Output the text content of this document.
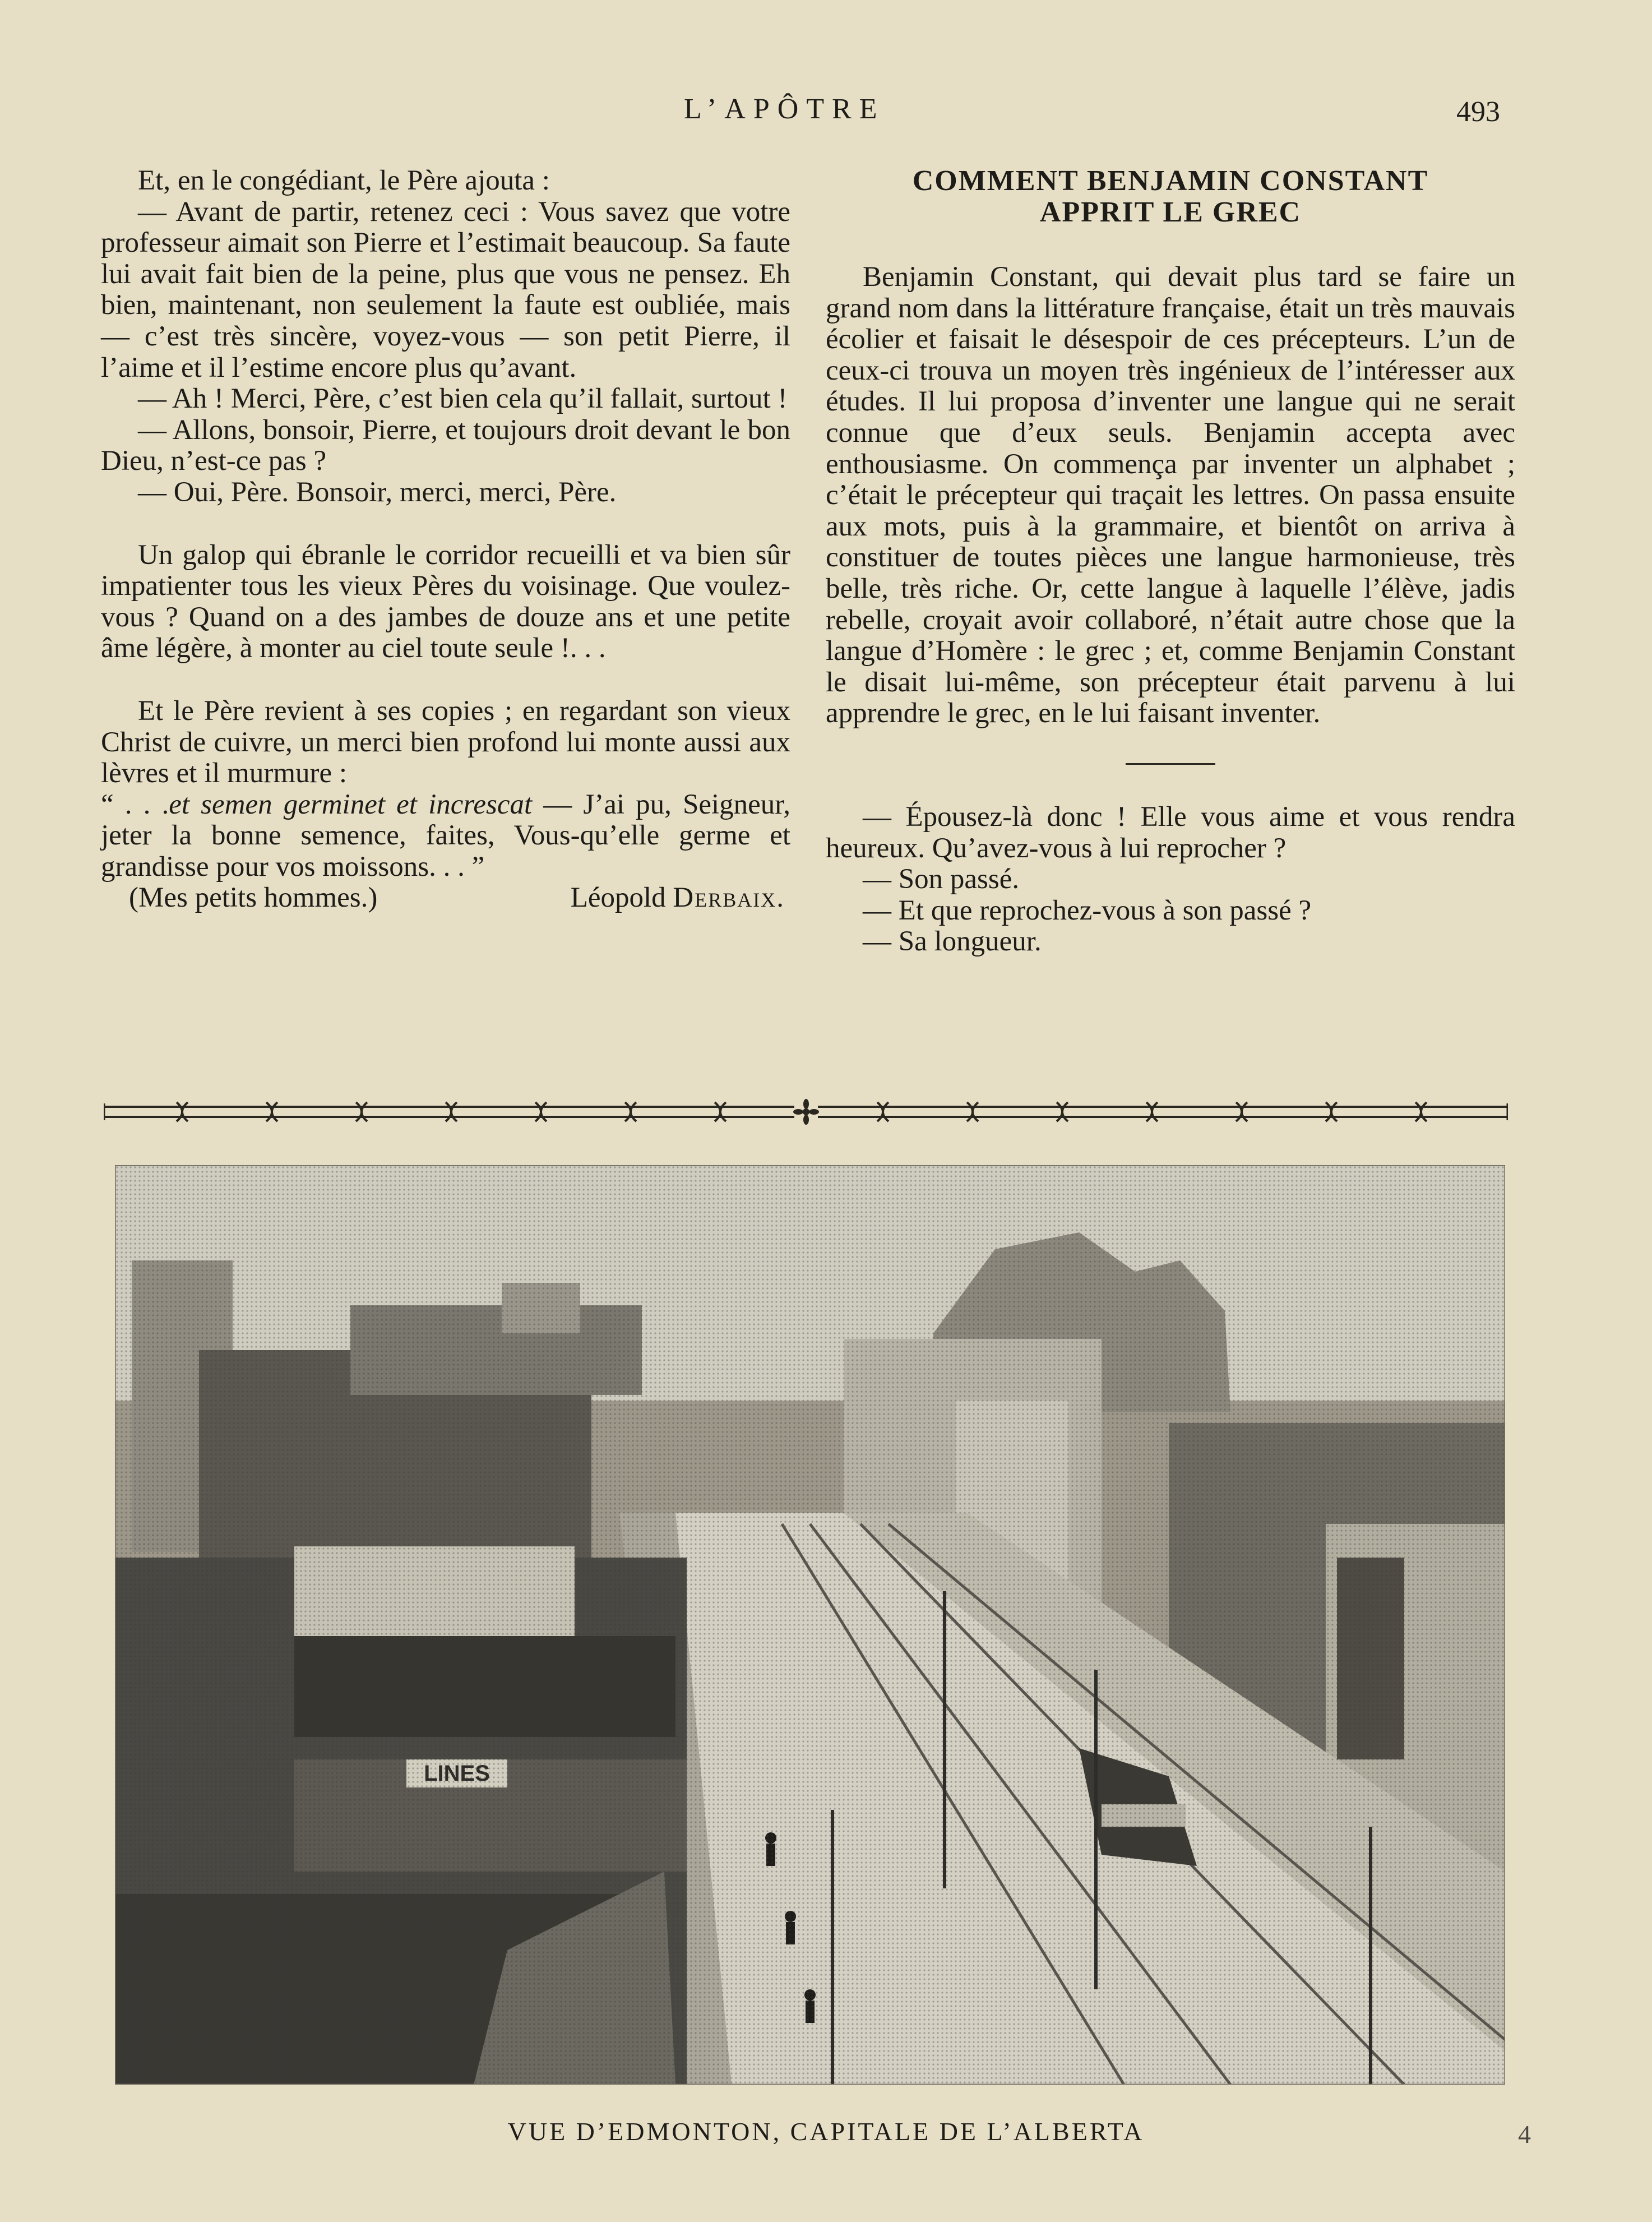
L’APÔTRE	493

Et, en le congédiant, le Père ajouta :

— Avant de partir, retenez ceci : Vous savez que votre professeur aimait son Pierre et l’estimait beaucoup. Sa faute lui avait fait bien de la peine, plus que vous ne pensez. Eh bien, maintenant, non seulement la faute est oubliée, mais — c’est très sincère, voyez-vous — son petit Pierre, il l’aime et il l’estime encore plus qu’avant.

— Ah ! Merci, Père, c’est bien cela qu’il fallait, surtout !

— Allons, bonsoir, Pierre, et toujours droit devant le bon Dieu, n’est-ce pas ?

— Oui, Père. Bonsoir, merci, merci, Père.

Un galop qui ébranle le corridor recueilli et va bien sûr impatienter tous les vieux Pères du voisinage. Que voulez-vous ? Quand on a des jambes de douze ans et une petite âme légère, à monter au ciel toute seule !. . .

Et le Père revient à ses copies ; en regardant son vieux Christ de cuivre, un merci bien profond lui monte aussi aux lèvres et il murmure :

“ . . .et semen germinet et increscat — J’ai pu, Seigneur, jeter la bonne semence, faites, Vous-qu’elle germe et grandisse pour vos moissons. . . ”

(Mes petits hommes.)	Léopold Derbaix.
COMMENT BENJAMIN CONSTANT
APPRIT LE GREC

Benjamin Constant, qui devait plus tard se faire un grand nom dans la littérature française, était un très mauvais écolier et faisait le désespoir de ces précepteurs. L’un de ceux-ci trouva un moyen très ingénieux de l’intéresser aux études. Il lui proposa d’inventer une langue qui ne serait connue que d’eux seuls. Benjamin accepta avec enthousiasme. On commença par inventer un alphabet ; c’était le précepteur qui traçait les lettres. On passa ensuite aux mots, puis à la grammaire, et bientôt on arriva à constituer de toutes pièces une langue harmonieuse, très belle, très riche. Or, cette langue à laquelle l’élève, jadis rebelle, croyait avoir collaboré, n’était autre chose que la langue d’Homère : le grec ; et, comme Benjamin Constant le disait lui-même, son précepteur était parvenu à lui apprendre le grec, en le lui faisant inventer.

— Épousez-là donc ! Elle vous aime et vous rendra heureux. Qu’avez-vous à lui reprocher ?

— Son passé.

— Et que reprochez-vous à son passé ?

— Sa longueur.

VUE D’EDMONTON, CAPITALE DE L’ALBERTA	4
